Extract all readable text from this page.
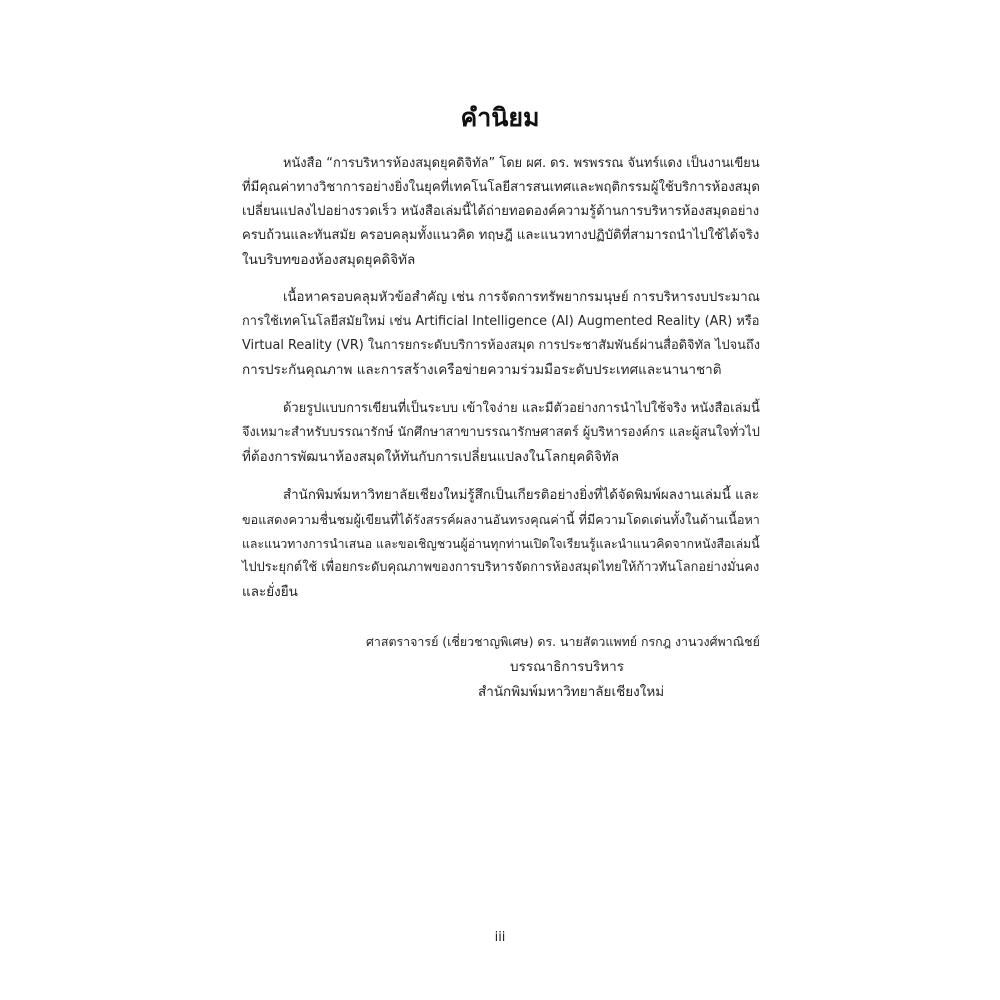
คำนิยม
หนังสือ “การบริหารห้องสมุดยุคดิจิทัล” โดย ผศ. ดร. พรพรรณ จันทร์แดง เป็นงานเขียน
ที่มีคุณค่าทางวิชาการอย่างยิ่งในยุคที่เทคโนโลยีสารสนเทศและพฤติกรรมผู้ใช้บริการห้องสมุด
เปลี่ยนแปลงไปอย่างรวดเร็ว หนังสือเล่มนี้ได้ถ่ายทอดองค์ความรู้ด้านการบริหารห้องสมุดอย่าง
ครบถ้วนและทันสมัย ครอบคลุมทั้งแนวคิด ทฤษฎี และแนวทางปฏิบัติที่สามารถนำไปใช้ได้จริง
ในบริบทของห้องสมุดยุคดิจิทัล
เนื้อหาครอบคลุมหัวข้อสำคัญ เช่น การจัดการทรัพยากรมนุษย์ การบริหารงบประมาณ
การใช้เทคโนโลยีสมัยใหม่ เช่น Artificial Intelligence (AI) Augmented Reality (AR) หรือ
Virtual Reality (VR) ในการยกระดับบริการห้องสมุด การประชาสัมพันธ์ผ่านสื่อดิจิทัล ไปจนถึง
การประกันคุณภาพ และการสร้างเครือข่ายความร่วมมือระดับประเทศและนานาชาติ
ด้วยรูปแบบการเขียนที่เป็นระบบ เข้าใจง่าย และมีตัวอย่างการนำไปใช้จริง หนังสือเล่มนี้
จึงเหมาะสำหรับบรรณารักษ์ นักศึกษาสาขาบรรณารักษศาสตร์ ผู้บริหารองค์กร และผู้สนใจทั่วไป
ที่ต้องการพัฒนาห้องสมุดให้ทันกับการเปลี่ยนแปลงในโลกยุคดิจิทัล
สำนักพิมพ์มหาวิทยาลัยเชียงใหม่รู้สึกเป็นเกียรติอย่างยิ่งที่ได้จัดพิมพ์ผลงานเล่มนี้ และ
ขอแสดงความชื่นชมผู้เขียนที่ได้รังสรรค์ผลงานอันทรงคุณค่านี้ ที่มีความโดดเด่นทั้งในด้านเนื้อหา
และแนวทางการนำเสนอ และขอเชิญชวนผู้อ่านทุกท่านเปิดใจเรียนรู้และนำแนวคิดจากหนังสือเล่มนี้
ไปประยุกต์ใช้ เพื่อยกระดับคุณภาพของการบริหารจัดการห้องสมุดไทยให้ก้าวทันโลกอย่างมั่นคง
และยั่งยืน
ศาสตราจารย์ (เชี่ยวชาญพิเศษ) ดร. นายสัตวแพทย์ กรกฎ งานวงศ์พาณิชย์
บรรณาธิการบริหาร
สำนักพิมพ์มหาวิทยาลัยเชียงใหม่
iii
